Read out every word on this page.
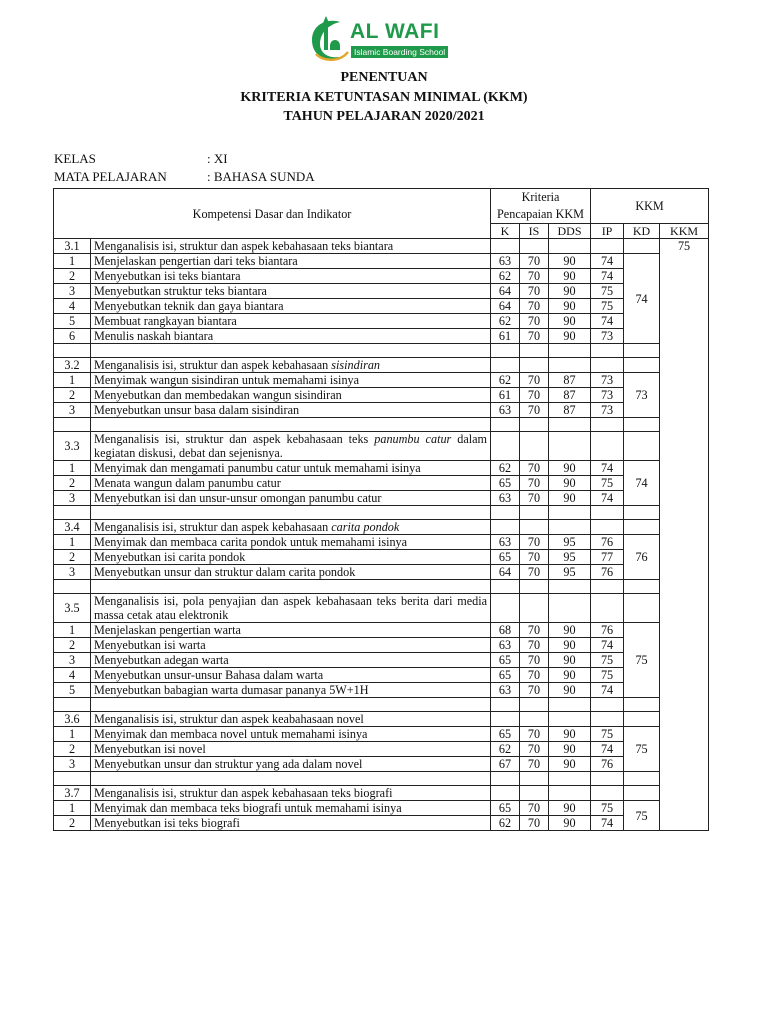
AL WAFI
Islamic Boarding School
PENENTUAN
KRITERIA KETUNTASAN MINIMAL (KKM)
TAHUN PELAJARAN 2020/2021
KELAS	: XI
MATA PELAJARAN	: BAHASA SUNDA
Kompetensi Dasar dan Indikator		Kriteria Pencapaian KKM			KKM		

		K	IS	DDS	IP	KD	KKM
3.1	Menganalisis isi, struktur dan aspek kebahasaan teks biantara						75
1	Menjelaskan pengertian dari teks biantara	63	70	90	74	74	
2	Menyebutkan isi teks biantara	62	70	90	74		
3	Menyebutkan struktur teks biantara	64	70	90	75		
4	Menyebutkan teknik dan gaya biantara	64	70	90	75		
5	Membuat rangkayan biantara	62	70	90	74		
6	Menulis naskah biantara	61	70	90	73		

3.2	Menganalisis isi, struktur dan aspek kebahasaan sisindiran						
1	Menyimak wangun sisindiran untuk memahami isinya	62	70	87	73	73	
2	Menyebutkan dan membedakan wangun sisindiran	61	70	87	73		
3	Menyebutkan unsur basa dalam sisindiran	63	70	87	73		

3.3	Menganalisis isi, struktur dan aspek kebahasaan teks panumbu catur dalam kegiatan diskusi, debat dan sejenisnya.						
1	Menyimak dan mengamati panumbu catur untuk memahami isinya	62	70	90	74	74	
2	Menata wangun dalam panumbu catur	65	70	90	75		
3	Menyebutkan isi dan unsur-unsur omongan panumbu catur	63	70	90	74		

3.4	Menganalisis isi, struktur dan aspek kebahasaan carita pondok						
1	Menyimak dan membaca carita pondok untuk memahami isinya	63	70	95	76	76	
2	Menyebutkan isi carita pondok	65	70	95	77		
3	Menyebutkan unsur dan struktur dalam carita pondok	64	70	95	76		

3.5	Menganalisis isi, pola penyajian dan aspek kebahasaan teks berita dari media massa cetak atau elektronik						
1	Menjelaskan pengertian warta	68	70	90	76	75	
2	Menyebutkan isi warta	63	70	90	74		
3	Menyebutkan adegan warta	65	70	90	75		
4	Menyebutkan unsur-unsur Bahasa dalam warta	65	70	90	75		
5	Menyebutkan babagian warta dumasar pananya 5W+1H	63	70	90	74		

3.6	Menganalisis isi, struktur dan aspek keabahasaan novel						
1	Menyimak dan membaca novel untuk memahami isinya	65	70	90	75	75	
2	Menyebutkan isi novel	62	70	90	74		
3	Menyebutkan unsur dan struktur yang ada dalam novel	67	70	90	76		

3.7	Menganalisis isi, struktur dan aspek kebahasaan teks biografi						
1	Menyimak dan membaca teks biografi untuk memahami isinya	65	70	90	75	75	
2	Menyebutkan isi teks biografi	62	70	90	74		
